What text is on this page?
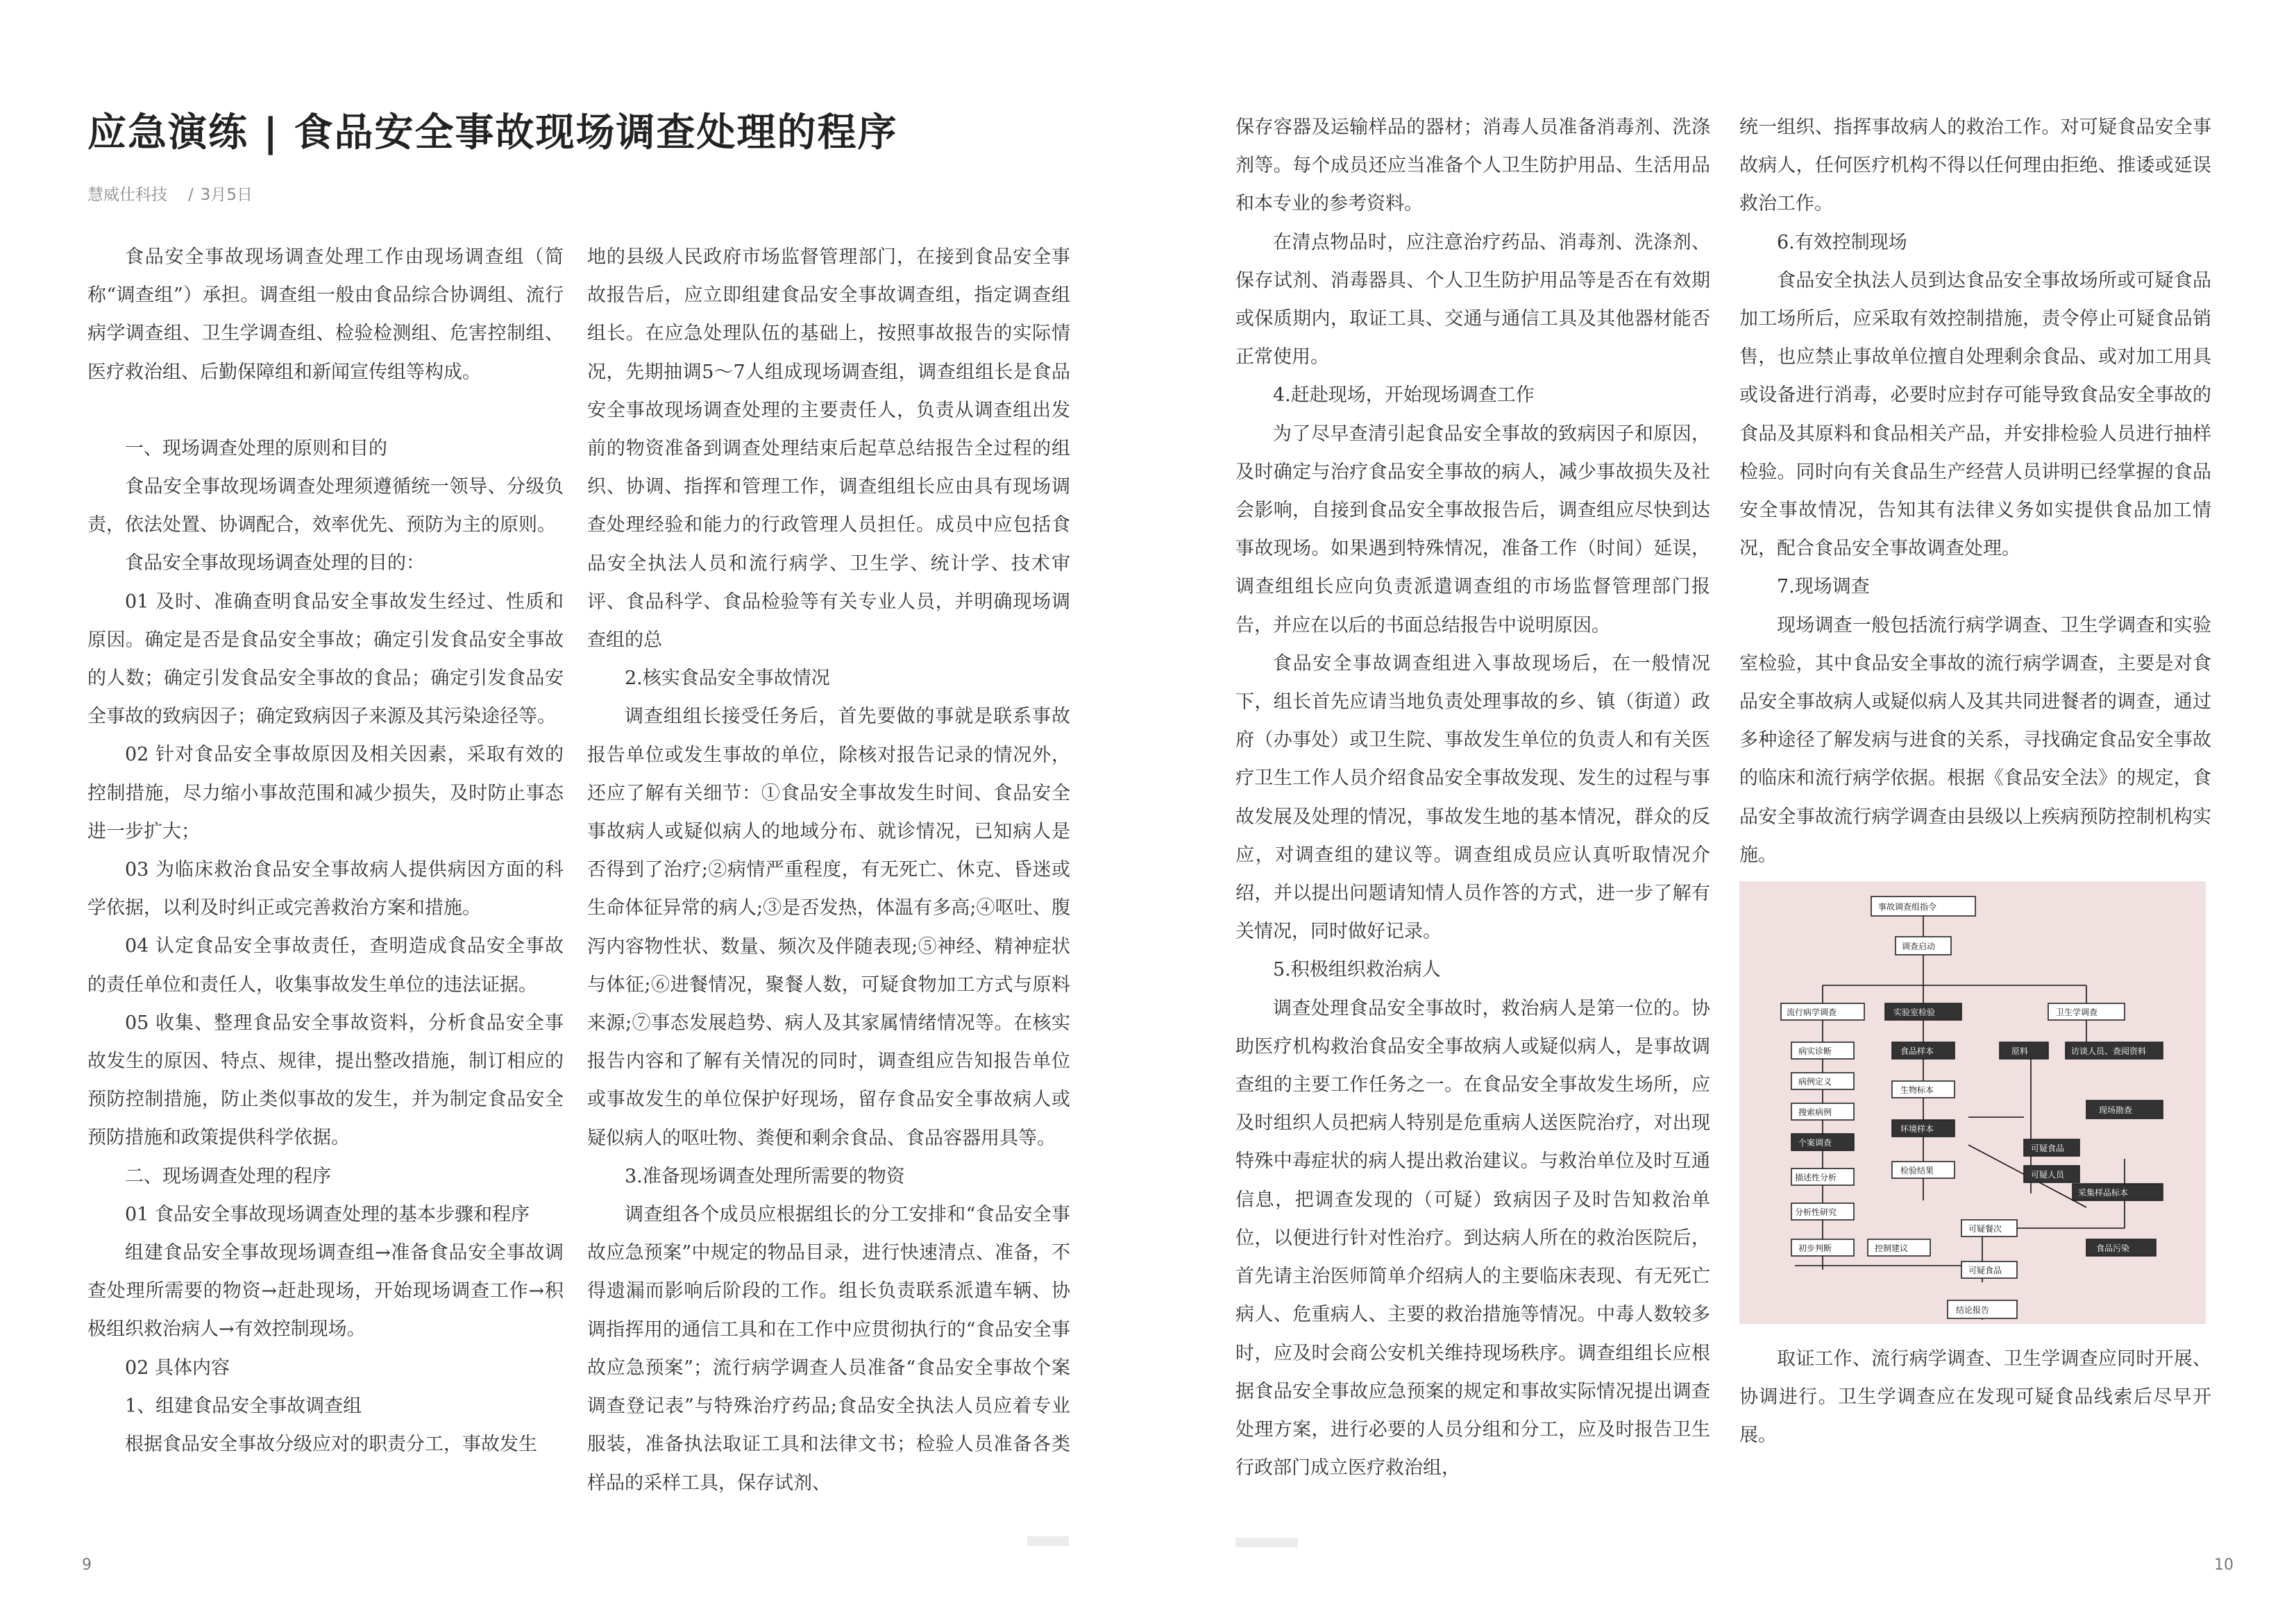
应急演练 | 食品安全事故现场调查处理的程序
慧威仕科技 / 3月5日

食品安全事故现场调查处理工作由现场调查组（简称“调查组”）承担。调查组一般由食品综合协调组、流行病学调查组、卫生学调查组、检验检测组、危害控制组、医疗救治组、后勤保障组和新闻宣传组等构成。

一、现场调查处理的原则和目的

食品安全事故现场调查处理须遵循统一领导、分级负责，依法处置、协调配合，效率优先、预防为主的原则。

食品安全事故现场调查处理的目的：

01 及时、准确查明食品安全事故发生经过、性质和原因。确定是否是食品安全事故；确定引发食品安全事故的人数；确定引发食品安全事故的食品；确定引发食品安全事故的致病因子；确定致病因子来源及其污染途径等。

02 针对食品安全事故原因及相关因素，采取有效的控制措施，尽力缩小事故范围和减少损失，及时防止事态进一步扩大；

03 为临床救治食品安全事故病人提供病因方面的科学依据，以利及时纠正或完善救治方案和措施。

04 认定食品安全事故责任，查明造成食品安全事故的责任单位和责任人，收集事故发生单位的违法证据。

05 收集、整理食品安全事故资料，分析食品安全事故发生的原因、特点、规律，提出整改措施，制订相应的预防控制措施，防止类似事故的发生，并为制定食品安全预防措施和政策提供科学依据。

二、现场调查处理的程序

01 食品安全事故现场调查处理的基本步骤和程序

组建食品安全事故现场调查组→准备食品安全事故调查处理所需要的物资→赶赴现场，开始现场调查工作→积极组织救治病人→有效控制现场。

02 具体内容

1、组建食品安全事故调查组

根据食品安全事故分级应对的职责分工，事故发生

地的县级人民政府市场监督管理部门，在接到食品安全事故报告后，应立即组建食品安全事故调查组，指定调查组组长。在应急处理队伍的基础上，按照事故报告的实际情况，先期抽调5～7人组成现场调查组，调查组组长是食品安全事故现场调查处理的主要责任人，负责从调查组出发前的物资准备到调查处理结束后起草总结报告全过程的组织、协调、指挥和管理工作，调查组组长应由具有现场调查处理经验和能力的行政管理人员担任。成员中应包括食品安全执法人员和流行病学、卫生学、统计学、技术审评、食品科学、食品检验等有关专业人员，并明确现场调查组的总

2.核实食品安全事故情况

调查组组长接受任务后，首先要做的事就是联系事故报告单位或发生事故的单位，除核对报告记录的情况外，还应了解有关细节：①食品安全事故发生时间、食品安全事故病人或疑似病人的地域分布、就诊情况，已知病人是否得到了治疗;②病情严重程度，有无死亡、休克、昏迷或生命体征异常的病人;③是否发热，体温有多高;④呕吐、腹泻内容物性状、数量、频次及伴随表现;⑤神经、精神症状与体征;⑥进餐情况，聚餐人数，可疑食物加工方式与原料来源;⑦事态发展趋势、病人及其家属情绪情况等。在核实报告内容和了解有关情况的同时，调查组应告知报告单位或事故发生的单位保护好现场，留存食品安全事故病人或疑似病人的呕吐物、粪便和剩余食品、食品容器用具等。

3.准备现场调查处理所需要的物资

调查组各个成员应根据组长的分工安排和“食品安全事故应急预案”中规定的物品目录，进行快速清点、准备，不得遗漏而影响后阶段的工作。组长负责联系派遣车辆、协调指挥用的通信工具和在工作中应贯彻执行的“食品安全事故应急预案”；流行病学调查人员准备“食品安全事故个案调查登记表”与特殊治疗药品;食品安全执法人员应着专业服装，准备执法取证工具和法律文书；检验人员准备各类样品的采样工具，保存试剂、

9

保存容器及运输样品的器材；消毒人员准备消毒剂、洗涤剂等。每个成员还应当准备个人卫生防护用品、生活用品和本专业的参考资料。

在清点物品时，应注意治疗药品、消毒剂、洗涤剂、保存试剂、消毒器具、个人卫生防护用品等是否在有效期或保质期内，取证工具、交通与通信工具及其他器材能否正常使用。

4.赶赴现场，开始现场调查工作

为了尽早查清引起食品安全事故的致病因子和原因，及时确定与治疗食品安全事故的病人，减少事故损失及社会影响，自接到食品安全事故报告后，调查组应尽快到达事故现场。如果遇到特殊情况，准备工作（时间）延误，调查组组长应向负责派遣调查组的市场监督管理部门报告，并应在以后的书面总结报告中说明原因。

食品安全事故调查组进入事故现场后，在一般情况下，组长首先应请当地负责处理事故的乡、镇（街道）政府（办事处）或卫生院、事故发生单位的负责人和有关医疗卫生工作人员介绍食品安全事故发现、发生的过程与事故发展及处理的情况，事故发生地的基本情况，群众的反应，对调查组的建议等。调查组成员应认真听取情况介绍，并以提出问题请知情人员作答的方式，进一步了解有关情况，同时做好记录。

5.积极组织救治病人

调查处理食品安全事故时，救治病人是第一位的。协助医疗机构救治食品安全事故病人或疑似病人，是事故调查组的主要工作任务之一。在食品安全事故发生场所，应及时组织人员把病人特别是危重病人送医院治疗，对出现特殊中毒症状的病人提出救治建议。与救治单位及时互通信息，把调查发现的（可疑）致病因子及时告知救治单位，以便进行针对性治疗。到达病人所在的救治医院后，首先请主治医师简单介绍病人的主要临床表现、有无死亡病人、危重病人、主要的救治措施等情况。中毒人数较多时，应及时会商公安机关维持现场秩序。调查组组长应根据食品安全事故应急预案的规定和事故实际情况提出调查处理方案，进行必要的人员分组和分工，应及时报告卫生行政部门成立医疗救治组，

统一组织、指挥事故病人的救治工作。对可疑食品安全事故病人，任何医疗机构不得以任何理由拒绝、推诿或延误救治工作。

6.有效控制现场

食品安全执法人员到达食品安全事故场所或可疑食品加工场所后，应采取有效控制措施，责令停止可疑食品销售，也应禁止事故单位擅自处理剩余食品、或对加工用具或设备进行消毒，必要时应封存可能导致食品安全事故的食品及其原料和食品相关产品，并安排检验人员进行抽样检验。同时向有关食品生产经营人员讲明已经掌握的食品安全事故情况，告知其有法律义务如实提供食品加工情况，配合食品安全事故调查处理。

7.现场调查

现场调查一般包括流行病学调查、卫生学调查和实验室检验，其中食品安全事故的流行病学调查，主要是对食品安全事故病人或疑似病人及其共同进餐者的调查，通过多种途径了解发病与进食的关系，寻找确定食品安全事故的临床和流行病学依据。根据《食品安全法》的规定，食品安全事故流行病学调查由县级以上疾病预防控制机构实施。

事故调查组指令
调查启动
流行病学调查	实验室检验	卫生学调查
病实诊断	食品样本	原料	访谈人员、查阅资料
病例定义
生物标本
搜索病例
环境样本
现场勘查
个案调查
可疑食品
检验结果	可疑人员
描述性分析
采集样品标本
分析性研究
可疑餐次
初步判断	控制建议	食品污染
可疑食品
结论报告

取证工作、流行病学调查、卫生学调查应同时开展、协调进行。卫生学调查应在发现可疑食品线索后尽早开展。

10
